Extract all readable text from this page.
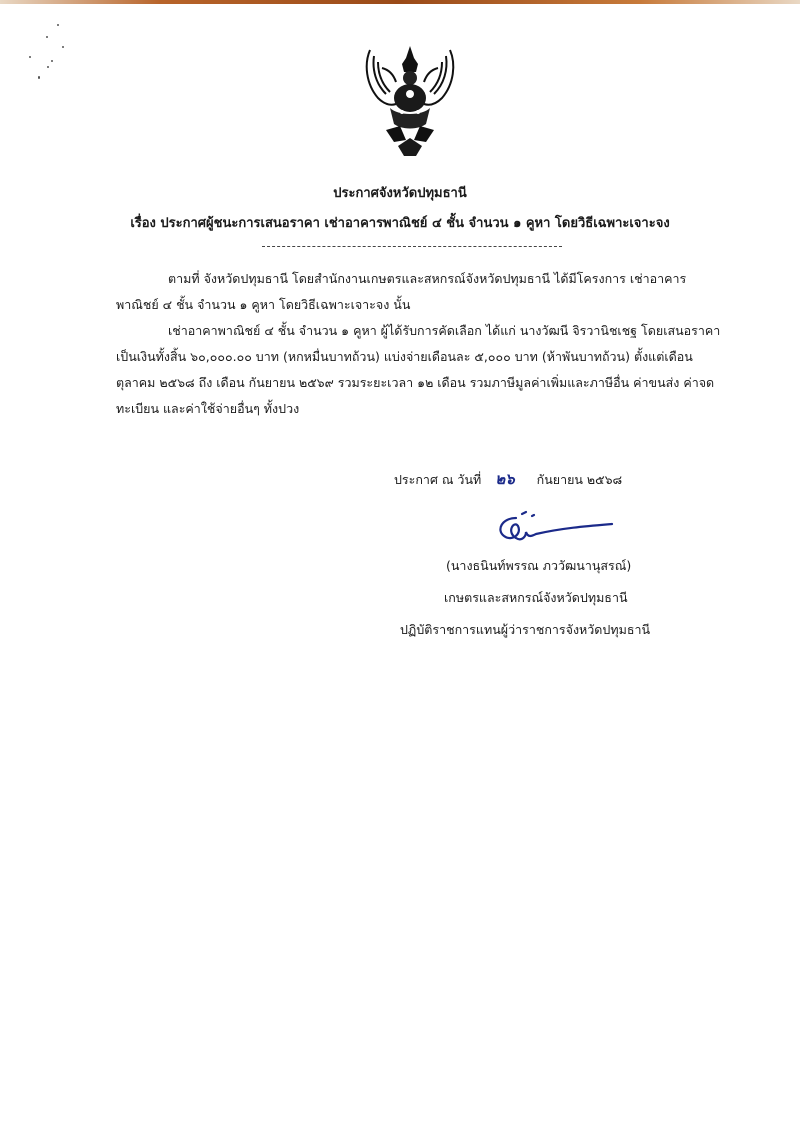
ประกาศจังหวัดปทุมธานี
เรื่อง ประกาศผู้ชนะการเสนอราคา เช่าอาคารพาณิชย์ ๔ ชั้น จำนวน ๑ คูหา โดยวิธีเฉพาะเจาะจง
ตามที่ จังหวัดปทุมธานี โดยสำนักงานเกษตรและสหกรณ์จังหวัดปทุมธานี ได้มีโครงการ เช่าอาคาร
พาณิชย์ ๔ ชั้น จำนวน ๑ คูหา โดยวิธีเฉพาะเจาะจง นั้น
เช่าอาคาพาณิชย์ ๔ ชั้น จำนวน ๑ คูหา ผู้ได้รับการคัดเลือก ได้แก่ นางวัฒนี จิรวานิชเชฐ โดยเสนอราคา
เป็นเงินทั้งสิ้น ๖๐,๐๐๐.๐๐ บาท (หกหมื่นบาทถ้วน) แบ่งจ่ายเดือนละ ๕,๐๐๐ บาท (ห้าพันบาทถ้วน) ตั้งแต่เดือน
ตุลาคม ๒๕๖๘ ถึง เดือน กันยายน ๒๕๖๙ รวมระยะเวลา ๑๒ เดือน รวมภาษีมูลค่าเพิ่มและภาษีอื่น ค่าขนส่ง ค่าจด
ทะเบียน และค่าใช้จ่ายอื่นๆ ทั้งปวง
ประกาศ ณ วันที่ ๒๖ กันยายน ๒๕๖๘
(นางธนินท์พรรณ ภววัฒนานุสรณ์)
เกษตรและสหกรณ์จังหวัดปทุมธานี
ปฏิบัติราชการแทนผู้ว่าราชการจังหวัดปทุมธานี
